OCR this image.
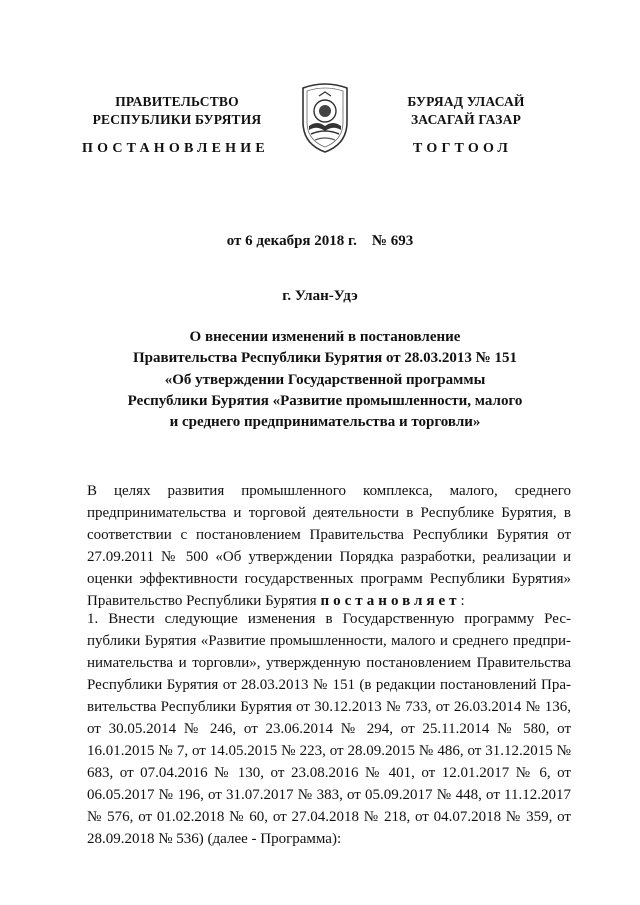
ПРАВИТЕЛЬСТВО
РЕСПУБЛИКИ БУРЯТИЯ
БУРЯАД УЛАСАЙ
ЗАСАГАЙ ГАЗАР
ПОСТАНОВЛЕНИЕ	ТОГТООЛ
от 6 декабря 2018 г.    № 693
г. Улан-Удэ
О внесении изменений в постановление
Правительства Республики Бурятия от 28.03.2013 № 151
«Об утверждении Государственной программы
Республики Бурятия «Развитие промышленности, малого
и среднего предпринимательства и торговли»
В целях развития промышленного комплекса, малого, среднего предпринимательства и торговой деятельности в Республике Бурятия, в соответствии с постановлением Правительства Республики Бурятия от 27.09.2011 № 500 «Об утверждении Порядка разработки, реализации и оценки эффективности государственных программ Республики Бурятия» Правительство Республики Бурятия постановляет:
1. Внести следующие изменения в Государственную программу Рес-публики Бурятия «Развитие промышленности, малого и среднего предпри-нимательства и торговли», утвержденную постановлением Правительства Республики Бурятия от 28.03.2013 № 151 (в редакции постановлений Пра-вительства Республики Бурятия от 30.12.2013 № 733, от 26.03.2014 № 136, от 30.05.2014 № 246, от 23.06.2014 № 294, от 25.11.2014 № 580, от 16.01.2015 № 7, от 14.05.2015 № 223, от 28.09.2015 № 486, от 31.12.2015 № 683, от 07.04.2016 № 130, от 23.08.2016 № 401, от 12.01.2017 № 6, от 06.05.2017 № 196, от 31.07.2017 № 383, от 05.09.2017 № 448, от 11.12.2017 № 576, от 01.02.2018 № 60, от 27.04.2018 № 218, от 04.07.2018 № 359, от 28.09.2018 № 536) (далее - Программа):
